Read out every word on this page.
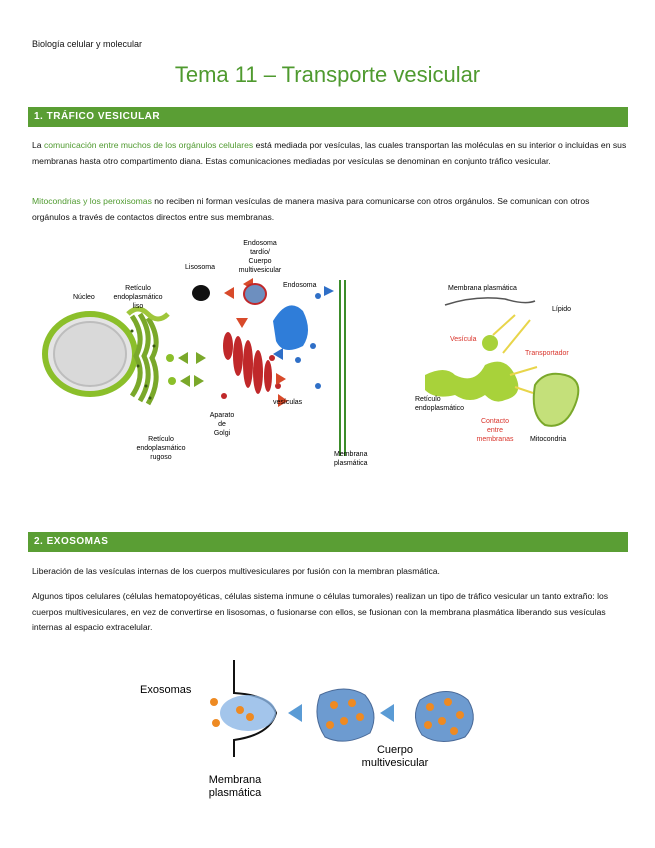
Biología celular y molecular
Tema 11 – Transporte vesicular
1. TRÁFICO VESICULAR
La comunicación entre muchos de los orgánulos celulares está mediada por vesículas, las cuales transportan las moléculas en su interior o incluidas en sus membranas hasta otro compartimento diana. Estas comunicaciones mediadas por vesículas se denominan en conjunto tráfico vesicular.
Mitocondrias y los peroxisomas no reciben ni forman vesículas de manera masiva para comunicarse con otros orgánulos. Se comunican con otros orgánulos a través de contactos directos entre sus membranas.
Núcleo
Retículo
endoplasmático
liso
Lisosoma
Endosoma
tardío/
Cuerpo
multivesicular
Endosoma
Aparato
de
Golgi
vesículas
Retículo
endoplasmático
rugoso	Membrana
plasmática
Membrana plasmática
Lípido
Vesícula
Transportador
Retículo
endoplasmático
Contacto
entre
membranas Mitocondria
2. EXOSOMAS
Liberación de las vesículas internas de los cuerpos multivesiculares por fusión con la membran plasmática.
Algunos tipos celulares (células hematopoyéticas, células sistema inmune o células tumorales) realizan un tipo de tráfico vesicular un tanto extraño: los cuerpos multivesiculares, en vez de convertirse en lisosomas, o fusionarse con ellos, se fusionan con la membrana plasmática liberando sus vesículas internas al espacio extracelular.
Exosomas
Cuerpo
multivesicular
Membrana
plasmática
